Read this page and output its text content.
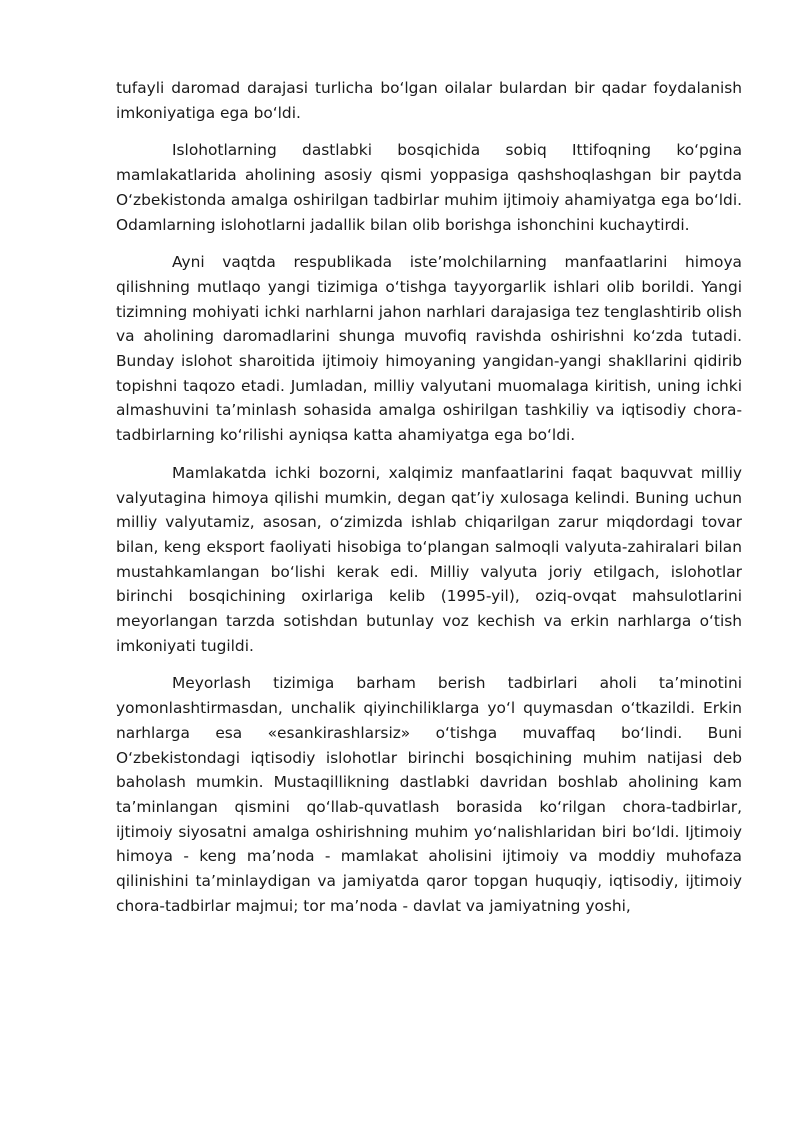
tufayli daromad darajasi turlicha bo‘lgan oilalar bulardan bir qadar foydalanish imkoniyatiga ega bo‘ldi.

Islohotlarning dastlabki bosqichida sobiq Ittifoqning ko‘pgina mamlakatlarida aholining asosiy qismi yoppasiga qashshoqlashgan bir paytda O‘zbekistonda amalga oshirilgan tadbirlar muhim ijtimoiy ahamiyatga ega bo‘ldi. Odamlarning islohotlarni jadallik bilan olib borishga ishonchini kuchaytirdi.

Ayni vaqtda respublikada iste’molchilarning manfaatlarini himoya qilishning mutlaqo yangi tizimiga o‘tishga tayyorgarlik ishlari olib borildi. Yangi tizimning mohiyati ichki narhlarni jahon narhlari darajasiga tez tenglashtirib olish va aholining daromadlarini shunga muvofiq ravishda oshirishni ko‘zda tutadi. Bunday islohot sharoitida ijtimoiy himoyaning yangidan-yangi shakllarini qidirib topishni taqozo etadi. Jumladan, milliy valyutani muomalaga kiritish, uning ichki almashuvini ta’minlash sohasida amalga oshirilgan tashkiliy va iqtisodiy chora-tadbirlarning ko‘rilishi ayniqsa katta ahamiyatga ega bo‘ldi.

Mamlakatda ichki bozorni, xalqimiz manfaatlarini faqat baquvvat milliy valyutagina himoya qilishi mumkin, degan qat’iy xulosaga kelindi. Buning uchun milliy valyutamiz, asosan, o‘zimizda ishlab chiqarilgan zarur miqdordagi tovar bilan, keng eksport faoliyati hisobiga to‘plangan salmoqli valyuta-zahiralari bilan mustahkamlangan bo‘lishi kerak edi. Milliy valyuta joriy etilgach, islohotlar birinchi bosqichining oxirlariga kelib (1995-yil), oziq-ovqat mahsulotlarini meyorlangan tarzda sotishdan butunlay voz kechish va erkin narhlarga o‘tish imkoniyati tugildi.

Meyorlash tizimiga barham berish tadbirlari aholi ta’minotini yomonlashtirmasdan, unchalik qiyinchiliklarga yo‘l quymasdan o‘tkazildi. Erkin narhlarga esa «esankirashlarsiz» o‘tishga muvaffaq bo‘lindi. Buni O‘zbekistondagi iqtisodiy islohotlar birinchi bosqichining muhim natijasi deb baholash mumkin. Mustaqillikning dastlabki davridan boshlab aholining kam ta’minlangan qismini qo‘llab-quvatlash borasida ko‘rilgan chora-tadbirlar, ijtimoiy siyosatni amalga oshirishning muhim yo‘nalishlaridan biri bo‘ldi. Ijtimoiy himoya - keng ma’noda - mamlakat aholisini ijtimoiy va moddiy muhofaza qilinishini ta’minlaydigan va jamiyatda qaror topgan huquqiy, iqtisodiy, ijtimoiy chora-tadbirlar majmui; tor ma’noda - davlat va jamiyatning yoshi,
